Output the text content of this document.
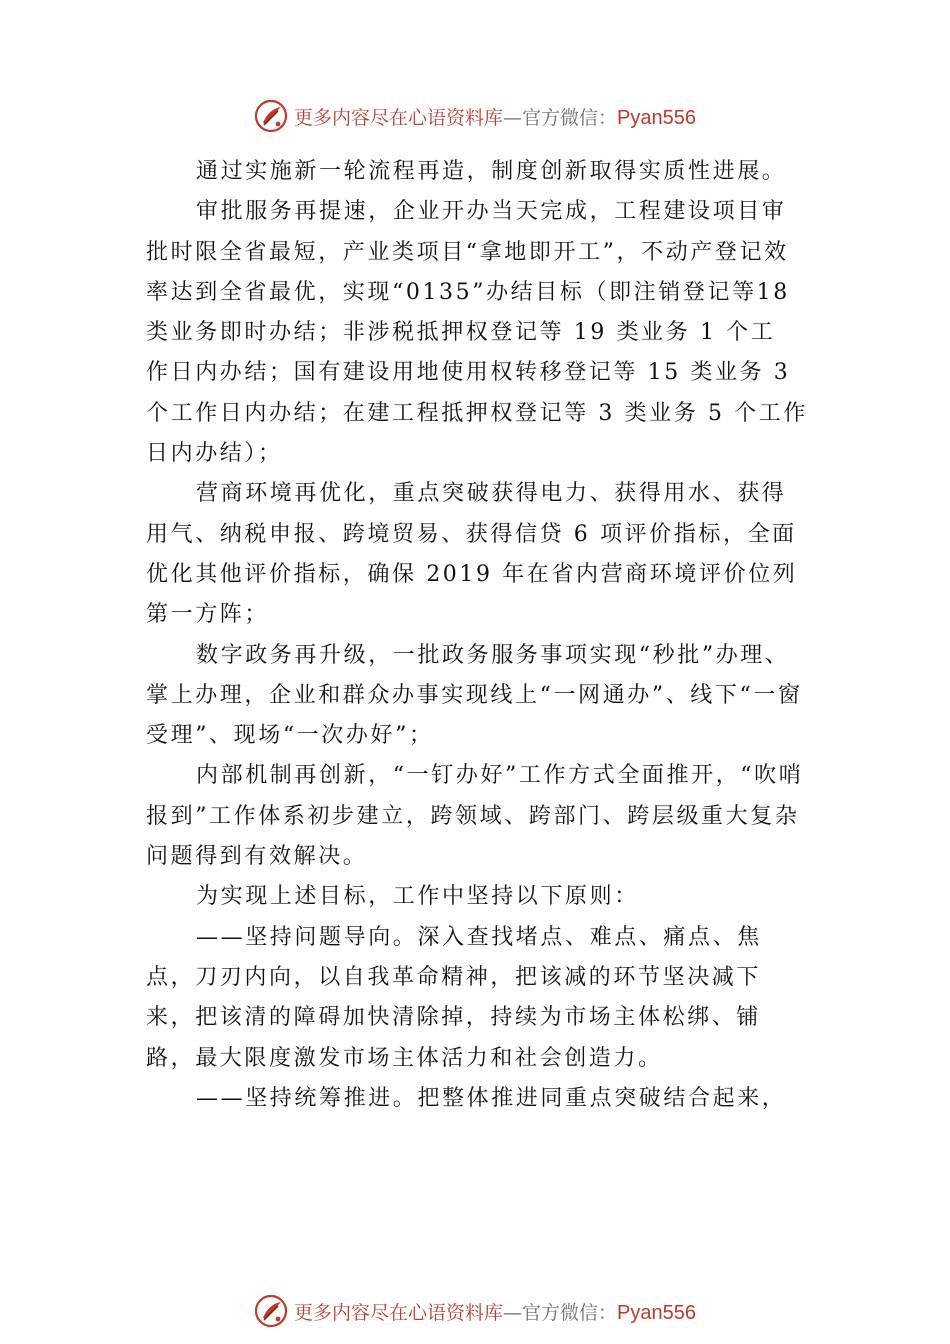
更多内容尽在心语资料库—官方微信：Pyan556

通过实施新一轮流程再造，制度创新取得实质性进展。

审批服务再提速，企业开办当天完成，工程建设项目审批时限全省最短，产业类项目“拿地即开工”，不动产登记效率达到全省最优，实现“0135”办结目标（即注销登记等18 类业务即时办结；非涉税抵押权登记等 19 类业务 1 个工

作日内办结；国有建设用地使用权转移登记等 15 类业务 3 个工作日内办结；在建工程抵押权登记等 3 类业务 5 个工作日内办结）；

营商环境再优化，重点突破获得电力、获得用水、获得用气、纳税申报、跨境贸易、获得信贷 6 项评价指标，全面优化其他评价指标，确保 2019 年在省内营商环境评价位列第一方阵；

数字政务再升级，一批政务服务事项实现“秒批”办理、掌上办理，企业和群众办事实现线上“一网通办”、线下“一窗受理”、现场“一次办好”；

内部机制再创新，“一钉办好”工作方式全面推开，“吹哨报到”工作体系初步建立，跨领域、跨部门、跨层级重大复杂问题得到有效解决。

为实现上述目标，工作中坚持以下原则：

——坚持问题导向。深入查找堵点、难点、痛点、焦点，刀刃内向，以自我革命精神，把该减的环节坚决减下来，把该清的障碍加快清除掉，持续为市场主体松绑、铺路，最大限度激发市场主体活力和社会创造力。

——坚持统筹推进。把整体推进同重点突破结合起来，

更多内容尽在心语资料库—官方微信：Pyan556
